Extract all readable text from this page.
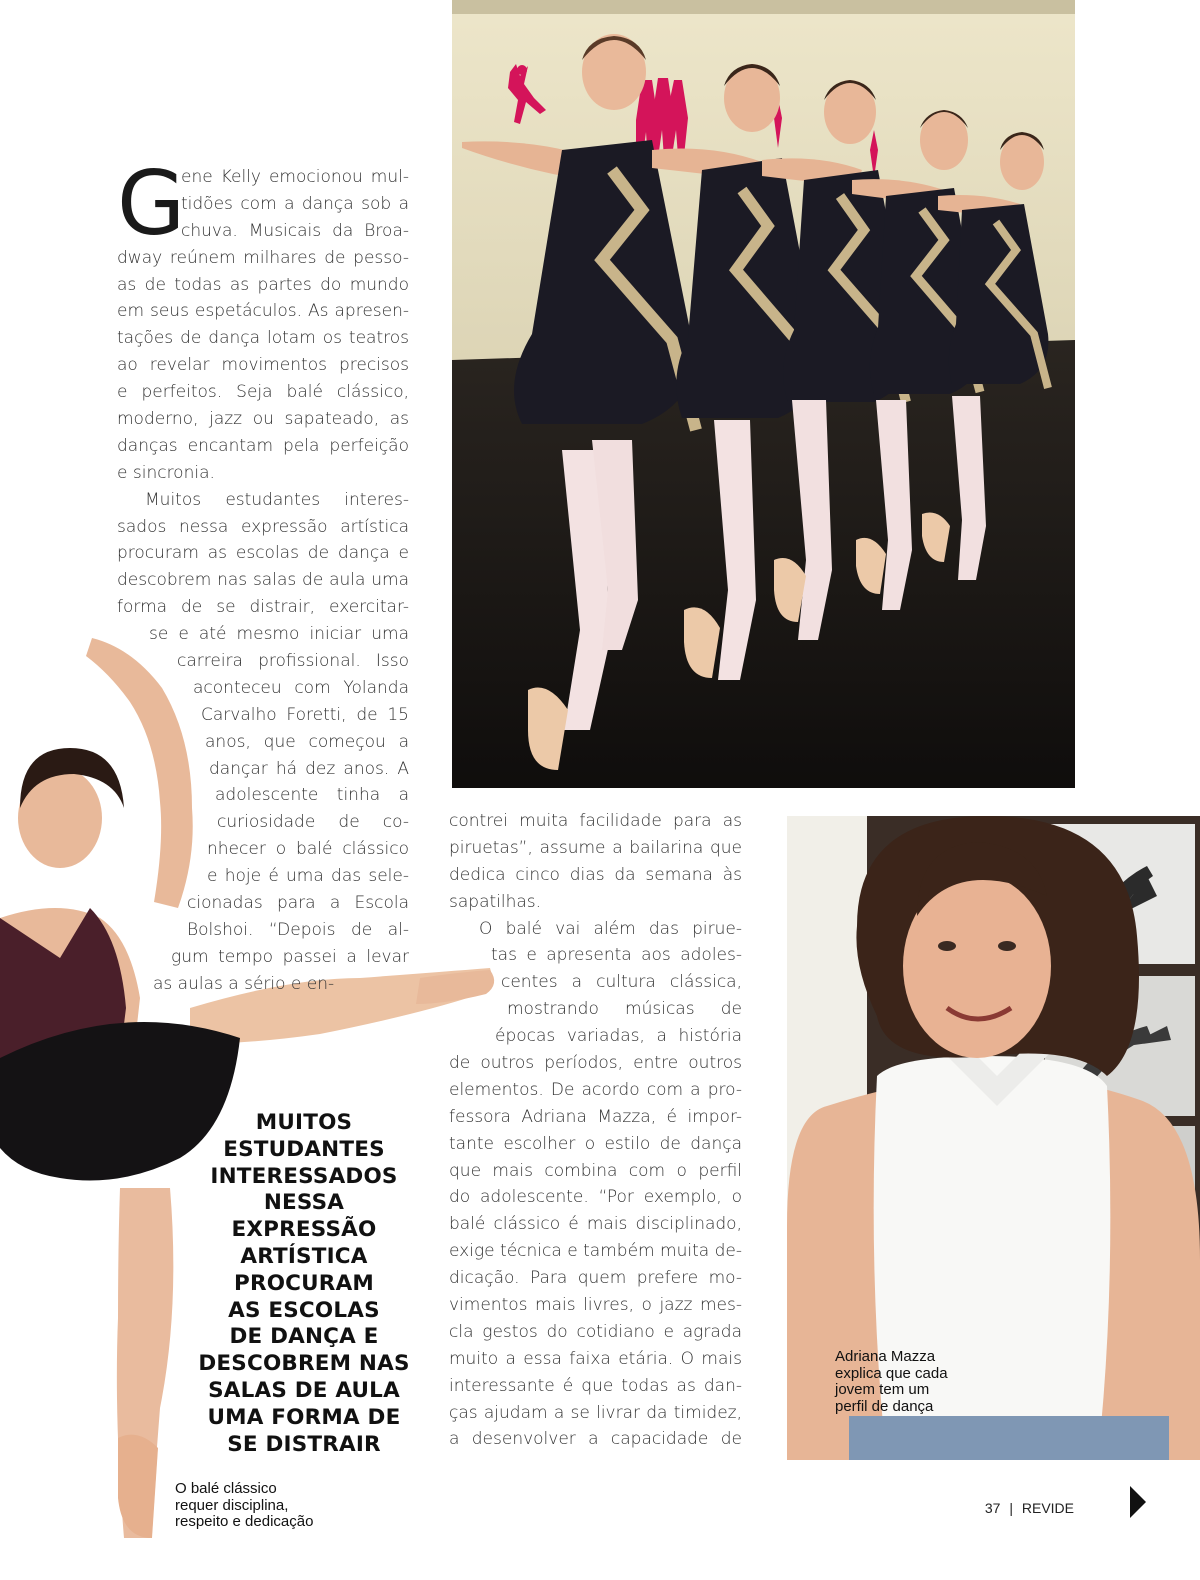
G
ene Kelly emocionou mul-
tidões com a dança sob a
chuva. Musicais da Broa-
dway reúnem milhares de pesso-
as de todas as partes do mundo
em seus espetáculos. As apresen-
tações de dança lotam os teatros
ao revelar movimentos precisos
e perfeitos. Seja balé clássico,
moderno, jazz ou sapateado, as
danças encantam pela perfeição
e sincronia.
Muitos estudantes interes-
sados nessa expressão artística
procuram as escolas de dança e
descobrem nas salas de aula uma
forma de se distrair, exercitar-
se e até mesmo iniciar uma
carreira profissional. Isso
aconteceu com Yolanda
Carvalho Foretti, de 15
anos, que começou a
dançar há dez anos. A
adolescente tinha a
curiosidade de co-
nhecer o balé clássico
e hoje é uma das sele-
cionadas para a Escola
Bolshoi. “Depois de al-
gum tempo passei a levar
as aulas a sério e en-
contrei muita facilidade para as
piruetas”, assume a bailarina que
dedica cinco dias da semana às
sapatilhas.
O balé vai além das pirue-
tas e apresenta aos adoles-
centes a cultura clássica,
mostrando músicas de
épocas variadas, a história
de outros períodos, entre outros
elementos. De acordo com a pro-
fessora Adriana Mazza, é impor-
tante escolher o estilo de dança
que mais combina com o perfil
do adolescente. “Por exemplo, o
balé clássico é mais disciplinado,
exige técnica e também muita de-
dicação. Para quem prefere mo-
vimentos mais livres, o jazz mes-
cla gestos do cotidiano e agrada
muito a essa faixa etária. O mais
interessante é que todas as dan-
ças ajudam a se livrar da timidez,
a desenvolver a capacidade de
MUITOS
ESTUDANTES
INTERESSADOS
NESSA
EXPRESSÃO
ARTÍSTICA
PROCURAM
AS ESCOLAS
DE DANÇA E
DESCOBREM NAS
SALAS DE AULA
UMA FORMA DE
SE DISTRAIR
O balé clássico
requer disciplina,
respeito e dedicação
Adriana Mazza
explica que cada
jovem tem um
perfil de dança
37 | REVIDE
